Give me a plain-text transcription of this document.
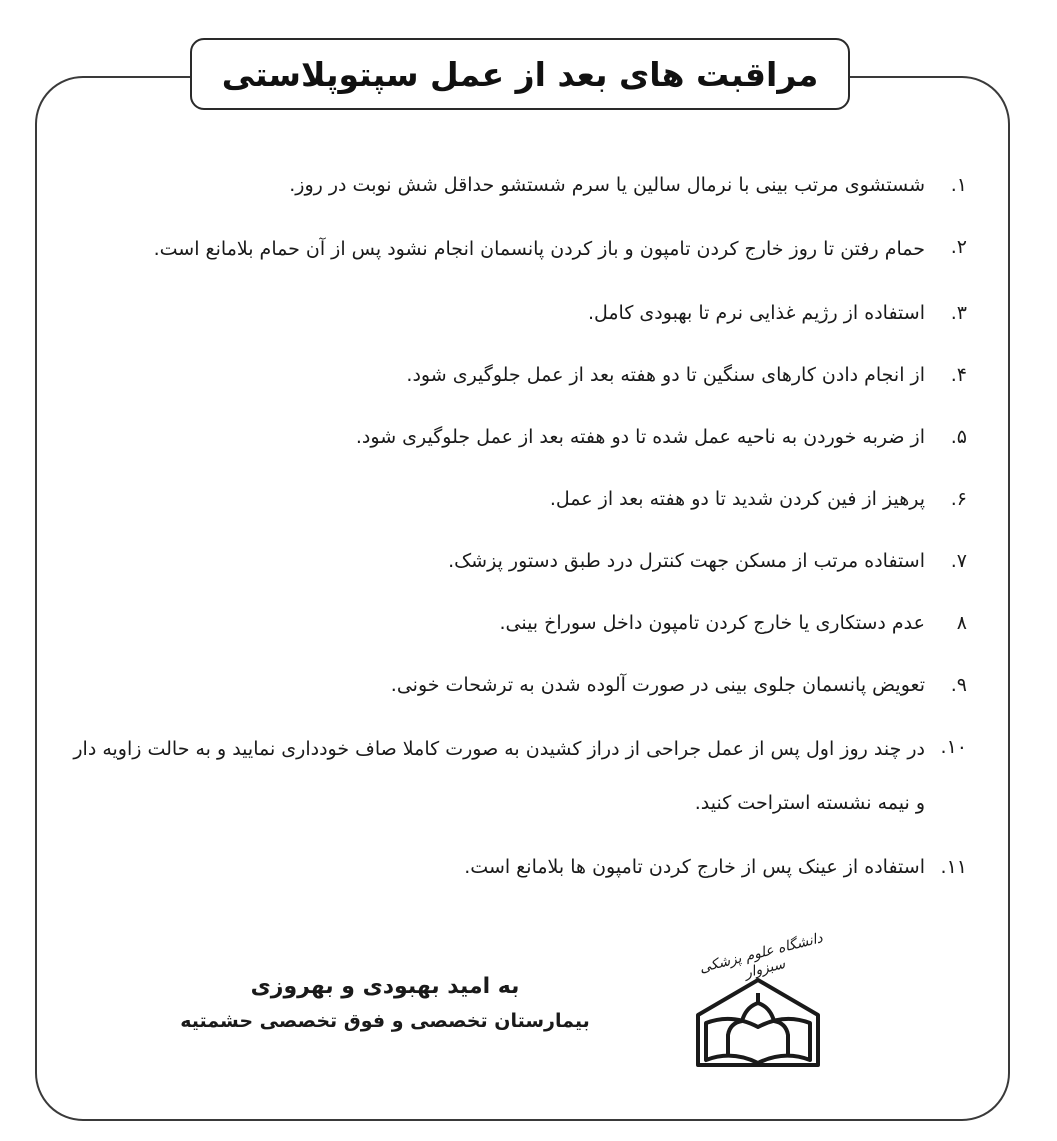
مراقبت های بعد از عمل سپتوپلاستی
۱.
شستشوی مرتب بینی با نرمال سالین یا سرم شستشو حداقل شش نوبت در روز.
۲.
حمام رفتن تا روز خارج کردن تامپون و باز کردن پانسمان انجام نشود پس از آن حمام بلامانع است.
۳.
استفاده از رژیم غذایی نرم تا بهبودی کامل.
۴.
از انجام دادن کارهای سنگین تا دو هفته بعد از عمل جلوگیری شود.
۵.
از ضربه خوردن به ناحیه عمل شده تا دو هفته بعد از عمل جلوگیری شود.
۶.
پرهیز از فین کردن شدید تا دو هفته بعد از عمل.
۷.
استفاده مرتب از مسکن جهت کنترل درد طبق دستور پزشک.
۸
عدم دستکاری یا خارج کردن تامپون داخل سوراخ بینی.
۹.
تعویض پانسمان جلوی بینی در صورت آلوده شدن به ترشحات خونی.
۱۰.
در چند روز اول پس از عمل جراحی از دراز کشیدن به صورت کاملا صاف خودداری نمایید و به حالت زاویه دار و نیمه نشسته استراحت کنید.
۱۱.
استفاده از عینک پس از خارج کردن تامپون ها بلامانع است.
به امید بهبودی و بهروزی
بیمارستان تخصصی و فوق تخصصی حشمتیه
دانشگاه علوم پزشکی سبزوار
